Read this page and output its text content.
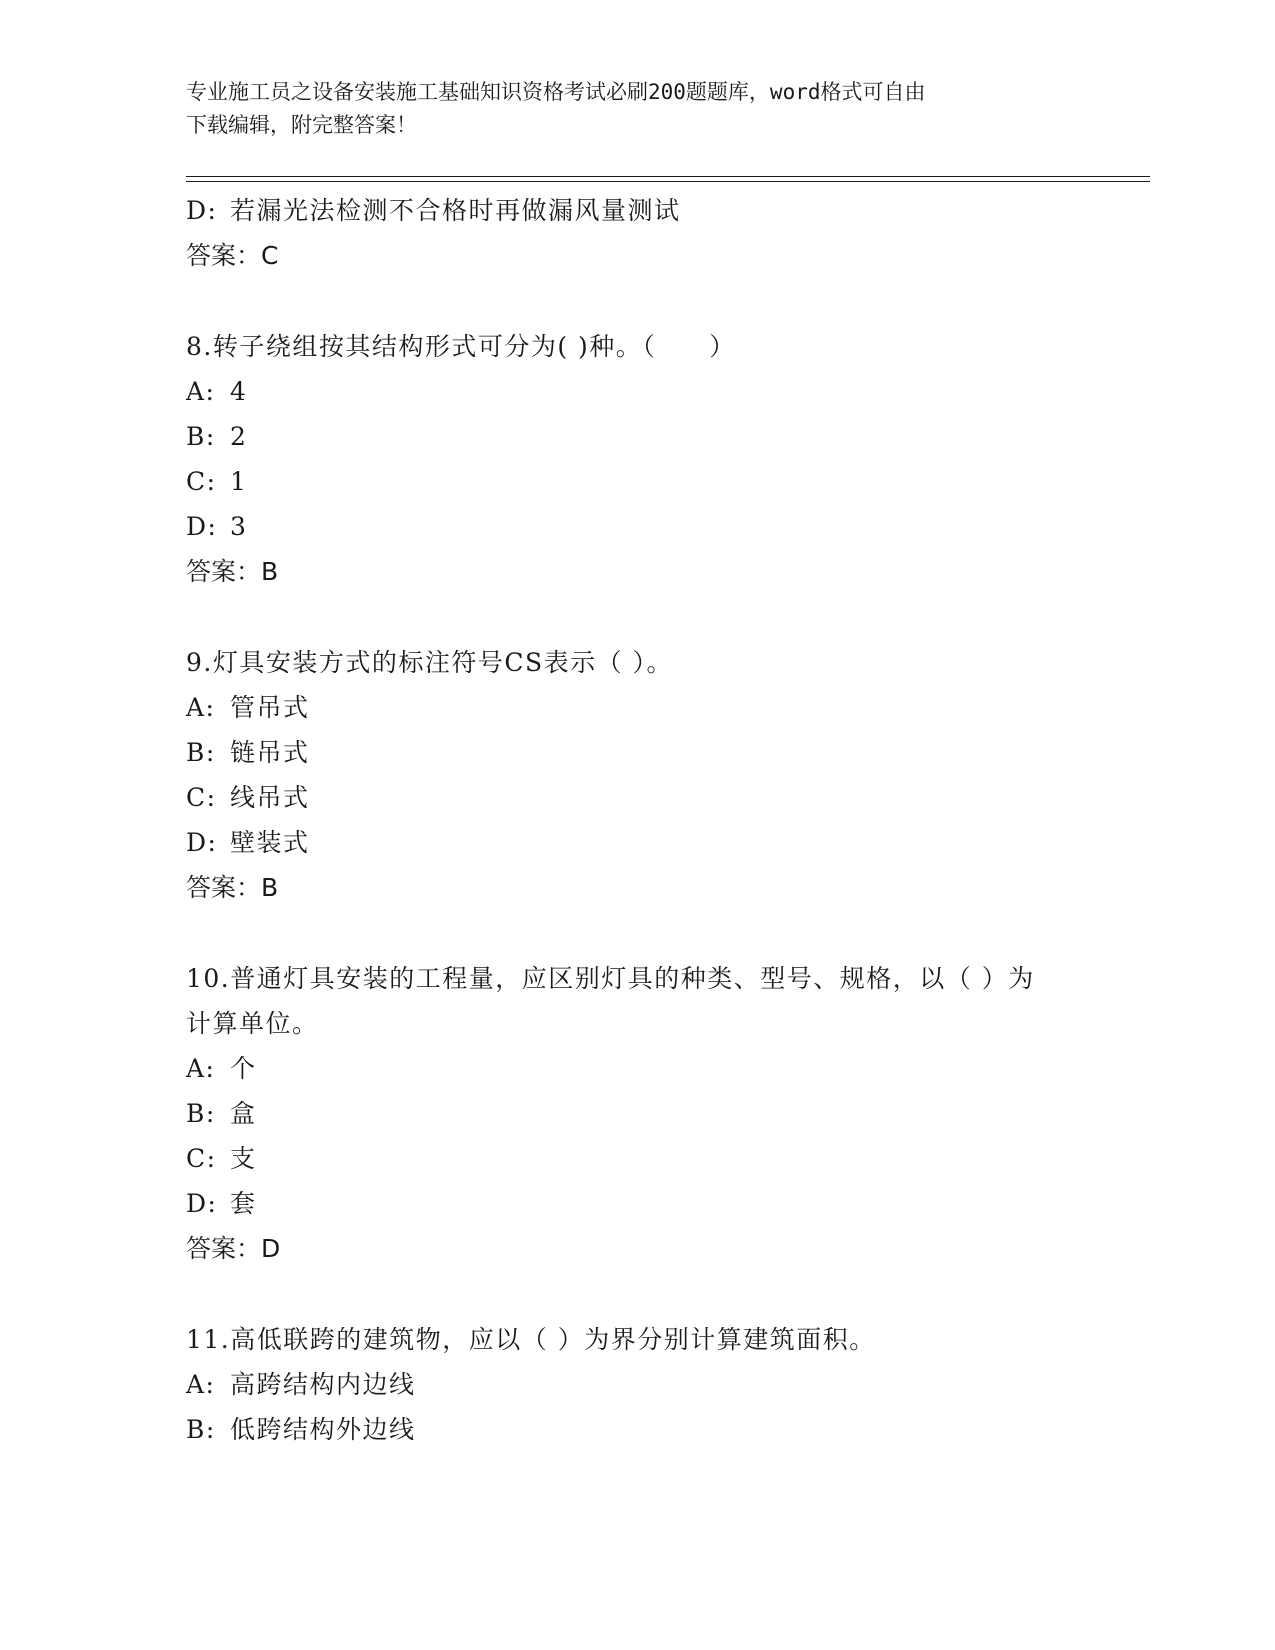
专业施工员之设备安装施工基础知识资格考试必刷200题题库，word格式可自由
下载编辑，附完整答案！
D: 若漏光法检测不合格时再做漏风量测试
答案：C
8.转子绕组按其结构形式可分为( )种。（　　）
A: 4
B: 2
C: 1
D: 3
答案：B
9.灯具安装方式的标注符号CS表示（ ）。
A: 管吊式
B: 链吊式
C: 线吊式
D: 壁装式
答案：B
10.普通灯具安装的工程量，应区别灯具的种类、型号、规格，以（ ）为计算单位。
A: 个
B: 盒
C: 支
D: 套
答案：D
11.高低联跨的建筑物，应以（ ）为界分别计算建筑面积。
A: 高跨结构内边线
B: 低跨结构外边线
